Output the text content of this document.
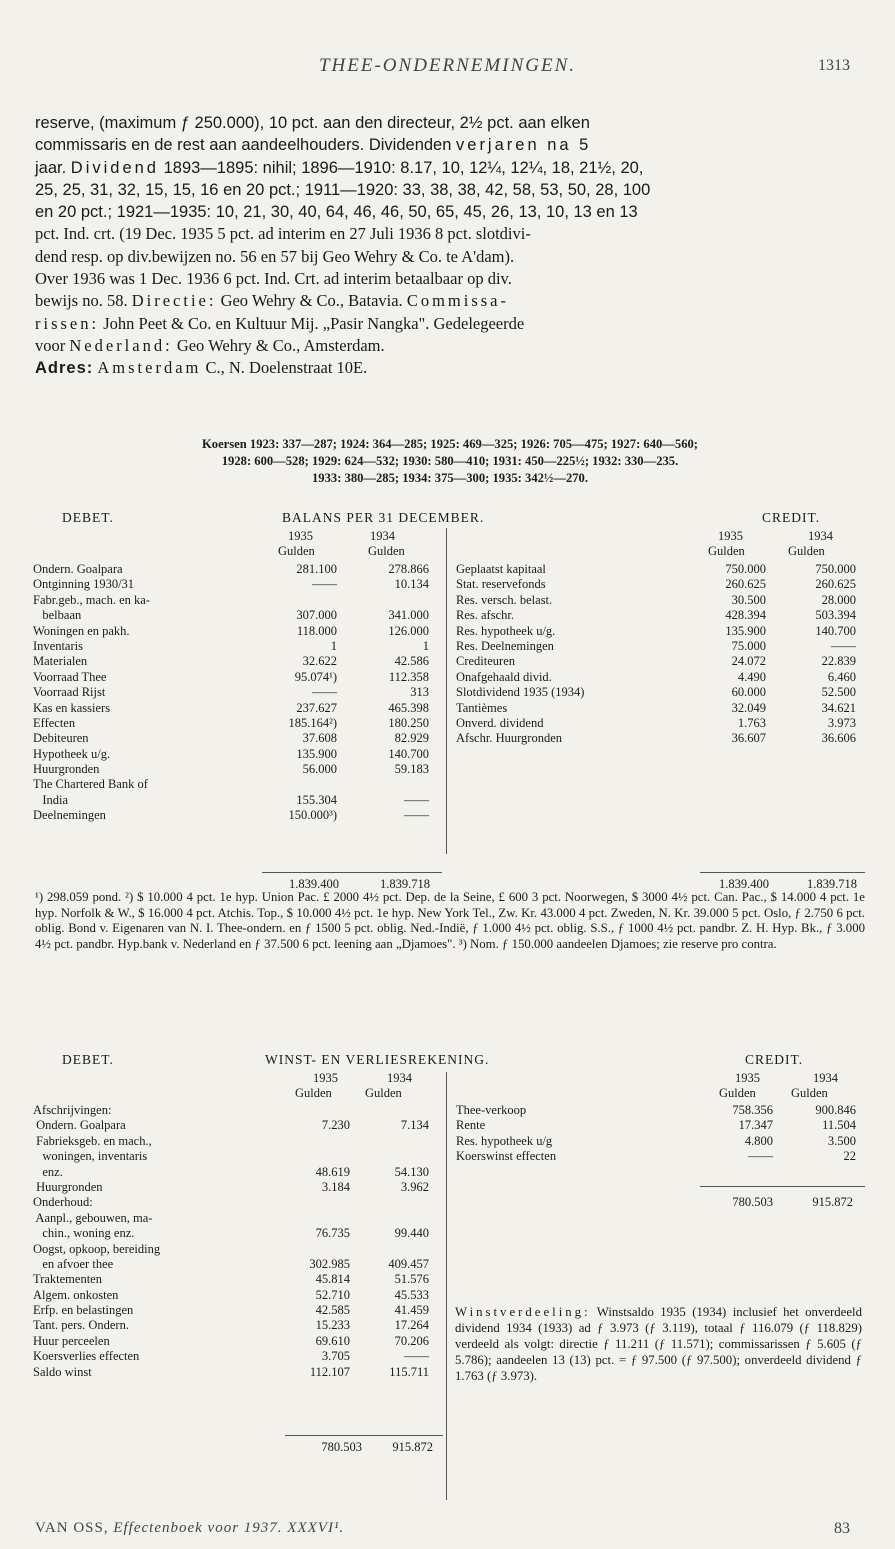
THEE-ONDERNEMINGEN.	1313

reserve, (maximum ƒ 250.000), 10 pct. aan den directeur, 2½ pct. aan elken

commissaris en de rest aan aandeelhouders. Dividenden verjaren na 5

jaar. Dividend 1893—1895: nihil; 1896—1910: 8.17, 10, 12¼, 12¼, 18, 21½, 20,

25, 25, 31, 32, 15, 15, 16 en 20 pct.; 1911—1920: 33, 38, 38, 42, 58, 53, 50, 28, 100

en 20 pct.; 1921—1935: 10, 21, 30, 40, 64, 46, 46, 50, 65, 45, 26, 13, 10, 13 en 13

pct. Ind. crt. (19 Dec. 1935 5 pct. ad interim en 27 Juli 1936 8 pct. slotdivi-

dend resp. op div.bewijzen no. 56 en 57 bij Geo Wehry & Co. te A'dam).

Over 1936 was 1 Dec. 1936 6 pct. Ind. Crt. ad interim betaalbaar op div.

bewijs no. 58. Directie: Geo Wehry & Co., Batavia. Commissa-

rissen: John Peet & Co. en Kultuur Mij. „Pasir Nangka". Gedelegeerde

voor Nederland: Geo Wehry & Co., Amsterdam.

Adres: Amsterdam C., N. Doelenstraat 10E.

Koersen 1923: 337—287; 1924: 364—285; 1925: 469—325; 1926: 705—475; 1927: 640—560;
1928: 600—528; 1929: 624—532; 1930: 580—410; 1931: 450—225½; 1932: 330—235.
1933: 380—285; 1934: 375—300; 1935: 342½—270.
DEBET.	BALANS PER 31 DECEMBER.	CREDIT.
1935	1934
Gulden	Gulden
1935	1934
Gulden	Gulden
Ondern. Goalpara	281.100	278.866
Ontginning 1930/31	——	10.134
Fabr.geb., mach. en ka-
belbaan	307.000	341.000
Woningen en pakh.	118.000	126.000
Inventaris	1	1
Materialen	32.622	42.586
Voorraad Thee	95.074¹)	112.358
Voorraad Rijst	——	313
Kas en kassiers	237.627	465.398
Effecten	185.164²)	180.250
Debiteuren	37.608	82.929
Hypotheek u/g.	135.900	140.700
Huurgronden	56.000	59.183
The Chartered Bank of
India	155.304	——
Deelnemingen	150.000³)	——
Geplaatst kapitaal	750.000	750.000
Stat. reservefonds	260.625	260.625
Res. versch. belast.	30.500	28.000
Res. afschr.	428.394	503.394
Res. hypotheek u/g.	135.900	140.700
Res. Deelnemingen	75.000	——
Crediteuren	24.072	22.839
Onafgehaald divid.	4.490	6.460
Slotdividend 1935 (1934)	60.000	52.500
Tantièmes	32.049	34.621
Onverd. dividend	1.763	3.973
Afschr. Huurgronden	36.607	36.606
1.839.400	1.839.718	1.839.400	1.839.718
¹) 298.059 pond. ²) $ 10.000 4 pct. 1e hyp. Union Pac. £ 2000 4½ pct. Dep. de la Seine, £ 600 3 pct. Noorwegen, $ 3000 4½ pct. Can. Pac., $ 14.000 4 pct. 1e hyp. Norfolk & W., $ 16.000 4 pct. Atchis. Top., $ 10.000 4½ pct. 1e hyp. New York Tel., Zw. Kr. 43.000 4 pct. Zweden, N. Kr. 39.000 5 pct. Oslo, ƒ 2.750 6 pct. oblig. Bond v. Eigenaren van N. I. Thee-ondern. en ƒ 1500 5 pct. oblig. Ned.-Indië, ƒ 1.000 4½ pct. oblig. S.S., ƒ 1000 4½ pct. pandbr. Z. H. Hyp. Bk., ƒ 3.000 4½ pct. pandbr. Hyp.bank v. Nederland en ƒ 37.500 6 pct. leening aan „Djamoes". ³) Nom. ƒ 150.000 aandeelen Djamoes; zie reserve pro contra.
DEBET.	WINST- EN VERLIESREKENING.	CREDIT.
1935	1934
Gulden	Gulden
1935	1934
Gulden	Gulden
Afschrijvingen:
Ondern. Goalpara	7.230	7.134
Fabrieksgeb. en mach.,
woningen, inventaris
enz.	48.619	54.130
Huurgronden	3.184	3.962
Onderhoud:
Aanpl., gebouwen, ma-
chin., woning enz.	76.735	99.440
Oogst, opkoop, bereiding
en afvoer thee	302.985	409.457
Traktementen	45.814	51.576
Algem. onkosten	52.710	45.533
Erfp. en belastingen	42.585	41.459
Tant. pers. Ondern.	15.233	17.264
Huur perceelen	69.610	70.206
Koersverlies effecten	3.705	——
Saldo winst	112.107	115.711
Thee-verkoop	758.356	900.846
Rente	17.347	11.504
Res. hypotheek u/g	4.800	3.500
Koerswinst effecten	——	22
780.503	915.872
780.503 915.872
Winstverdeeling: Winstsaldo 1935 (1934) inclusief het onverdeeld dividend 1934 (1933) ad ƒ 3.973 (ƒ 3.119), totaal ƒ 116.079 (ƒ 118.829) verdeeld als volgt: directie ƒ 11.211 (ƒ 11.571); commissarissen ƒ 5.605 (ƒ 5.786); aandeelen 13 (13) pct. = ƒ 97.500 (ƒ 97.500); onverdeeld dividend ƒ 1.763 (ƒ 3.973).
VAN OSS, Effectenboek voor 1937. XXXVI¹.	83
